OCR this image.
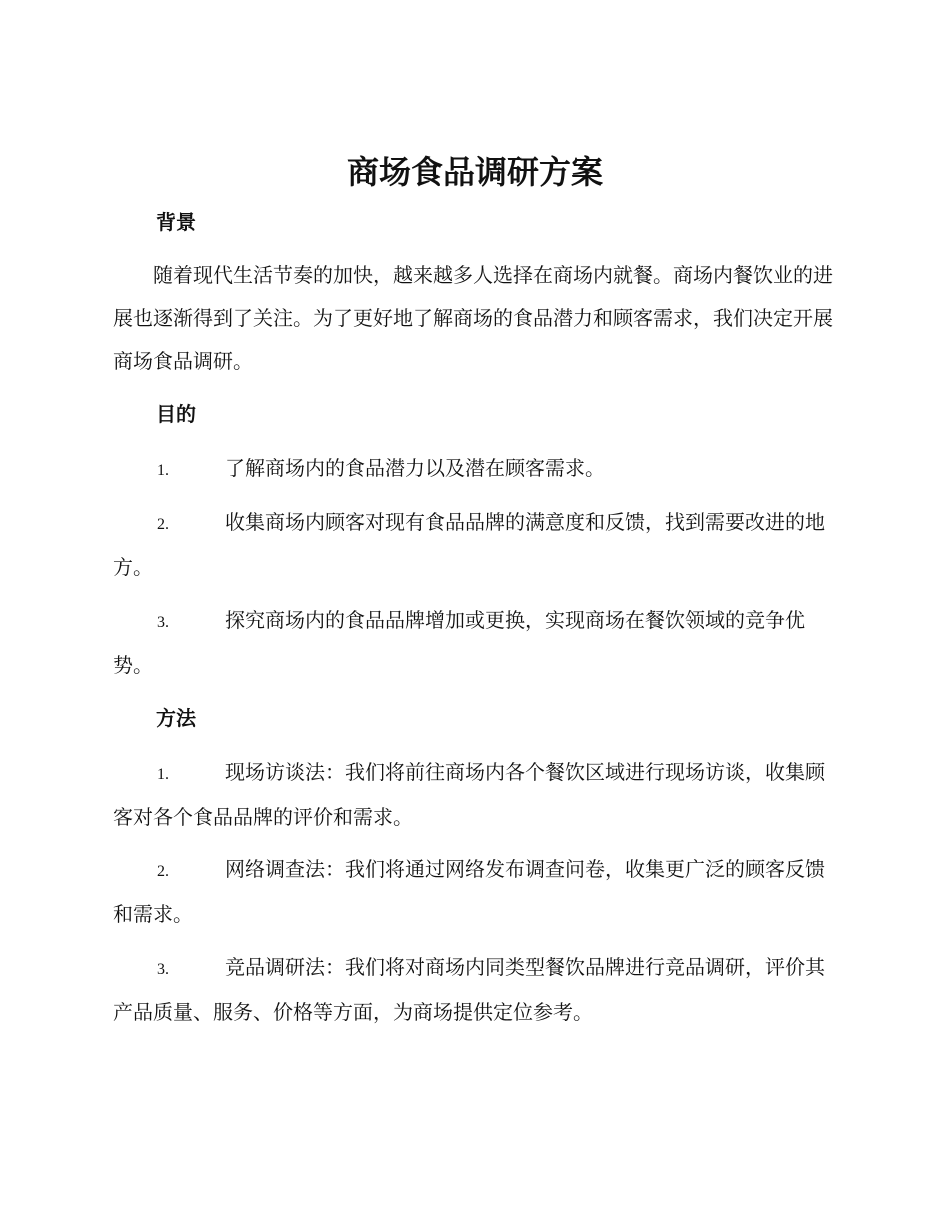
商场食品调研方案
背景

随着现代生活节奏的加快，越来越多人选择在商场内就餐。商场内餐饮业的进展也逐渐得到了关注。为了更好地了解商场的食品潜力和顾客需求，我们决定开展商场食品调研。

目的

1.	了解商场内的食品潜力以及潜在顾客需求。

2.	收集商场内顾客对现有食品品牌的满意度和反馈，找到需要改进的地方。

3.	探究商场内的食品品牌增加或更换，实现商场在餐饮领域的竞争优势。

方法

1.	现场访谈法：我们将前往商场内各个餐饮区域进行现场访谈，收集顾客对各个食品品牌的评价和需求。

2.	网络调查法：我们将通过网络发布调查问卷，收集更广泛的顾客反馈和需求。

3.	竞品调研法：我们将对商场内同类型餐饮品牌进行竞品调研，评价其产品质量、服务、价格等方面，为商场提供定位参考。
